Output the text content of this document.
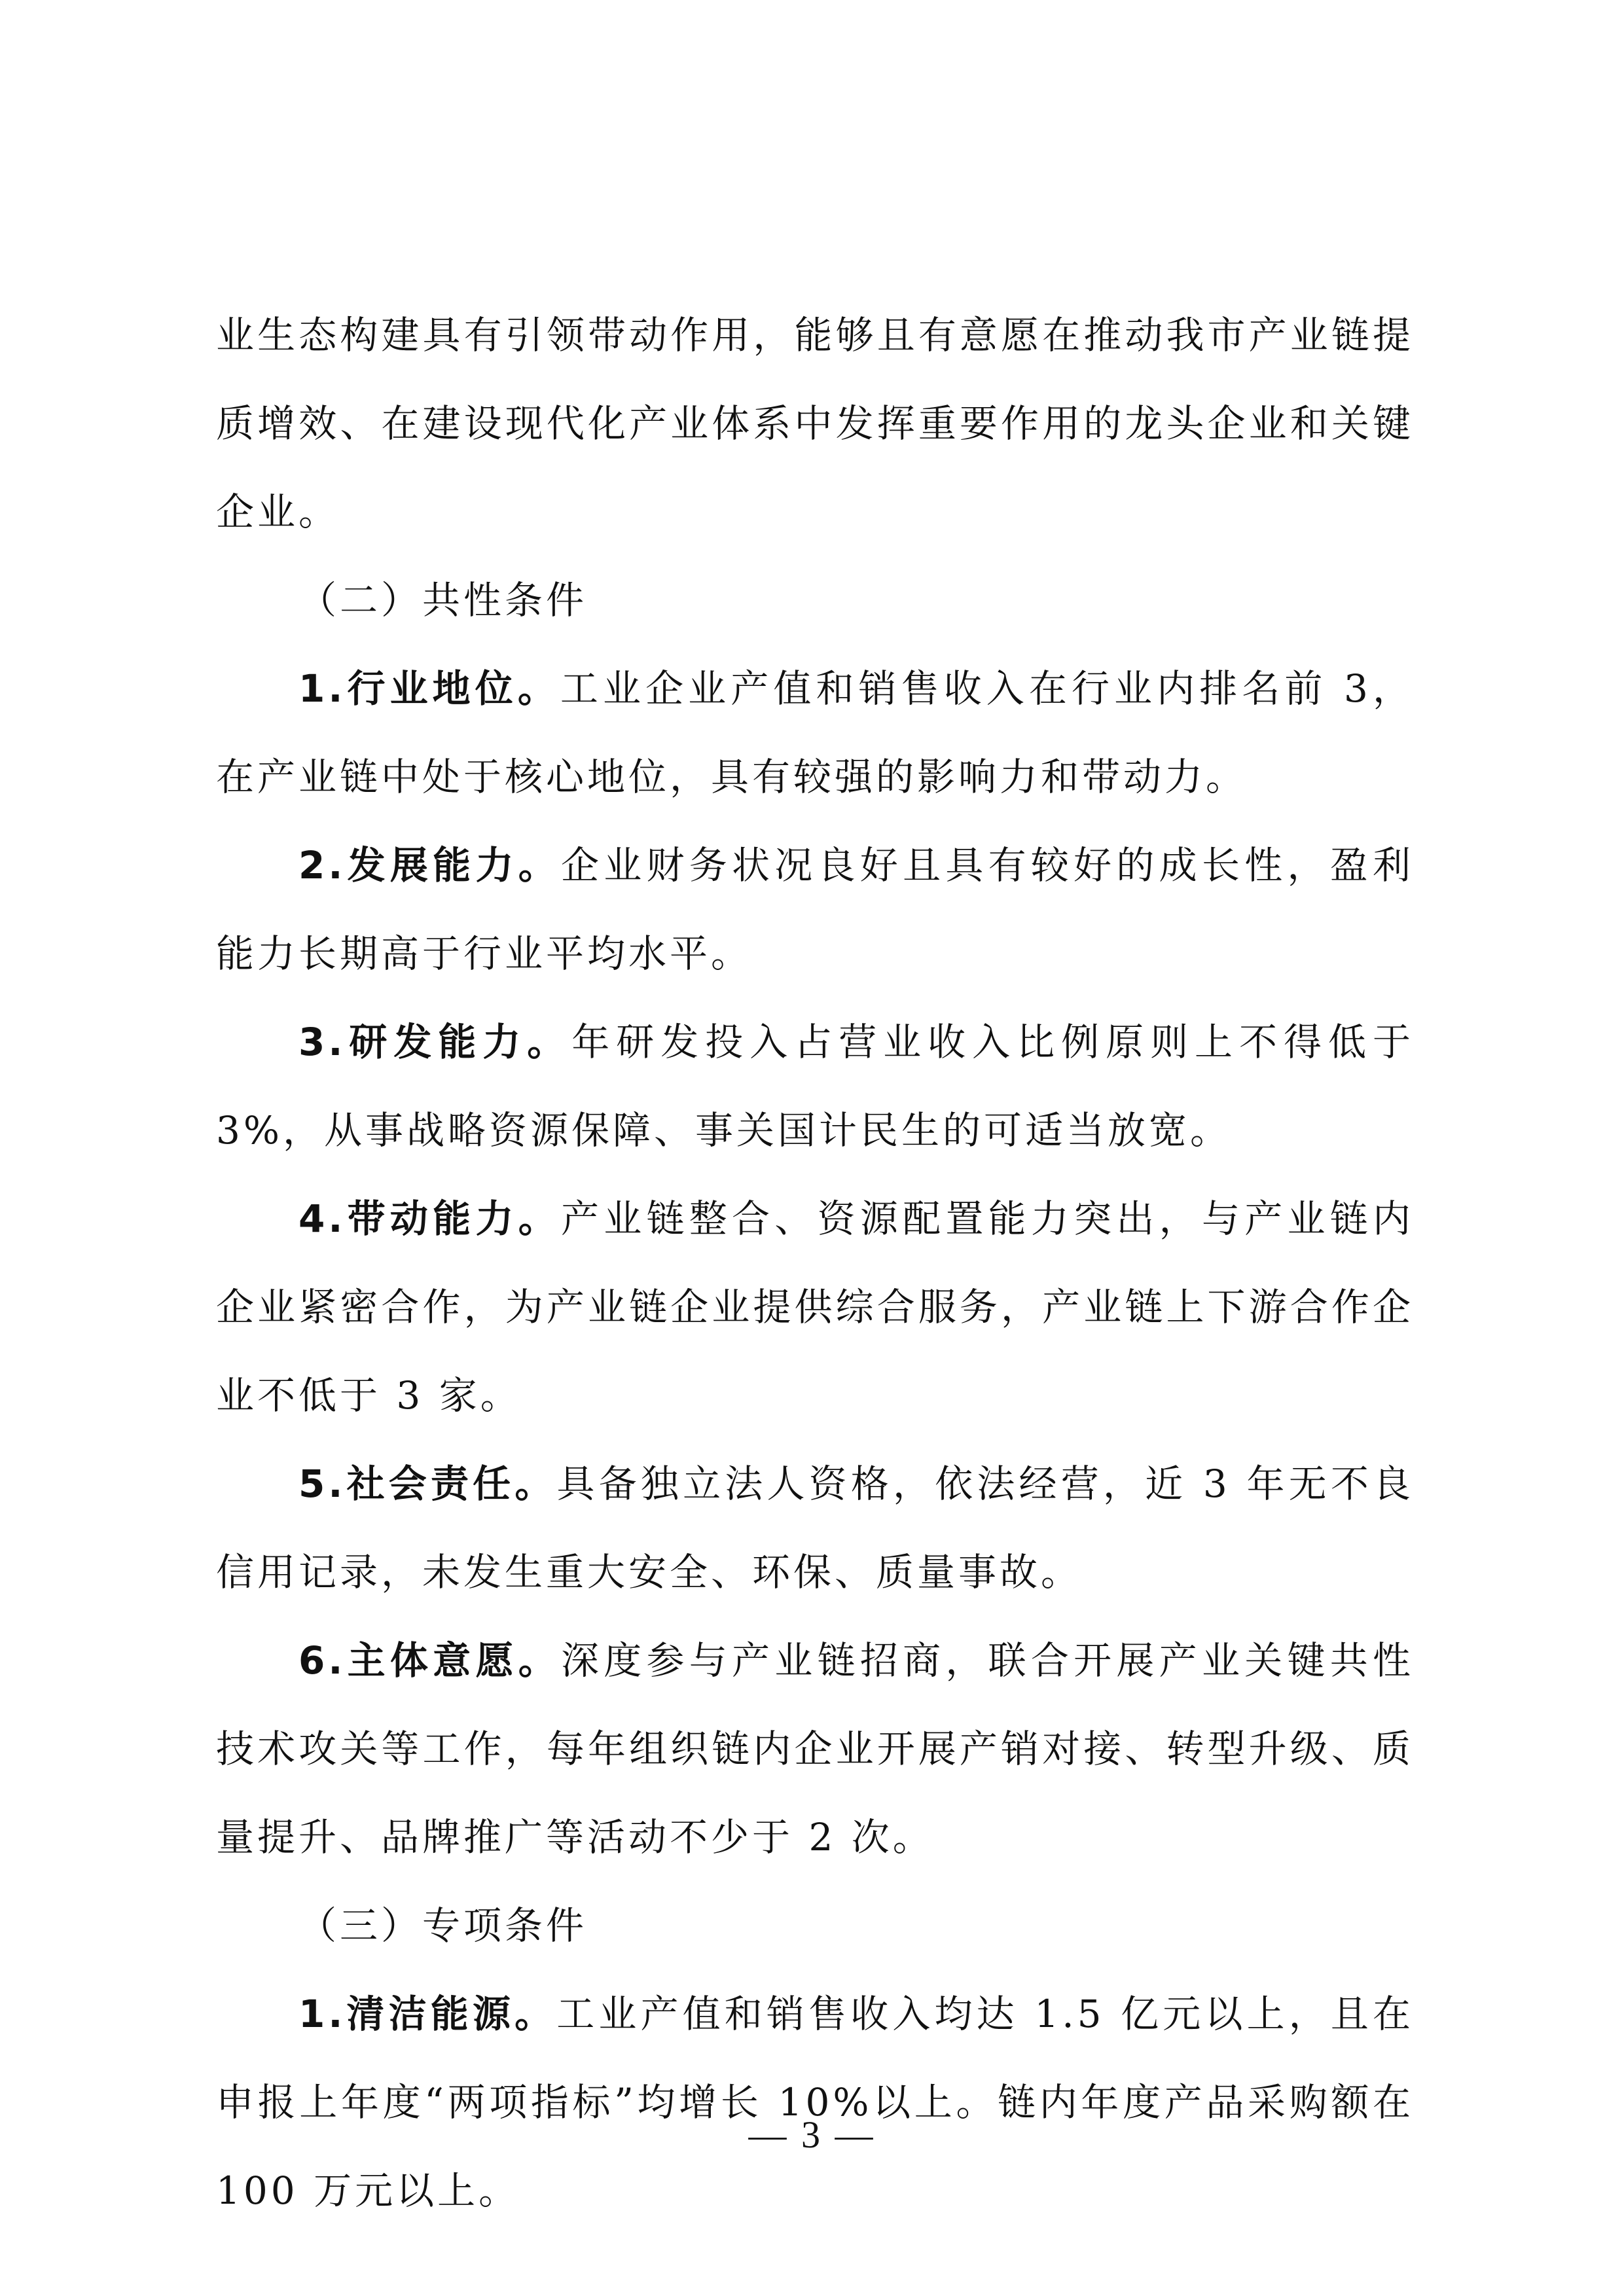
业生态构建具有引领带动作用，能够且有意愿在推动我市产业链提质增效、在建设现代化产业体系中发挥重要作用的龙头企业和关键企业。

（二）共性条件

1.行业地位。工业企业产值和销售收入在行业内排名前 3，在产业链中处于核心地位，具有较强的影响力和带动力。

2.发展能力。企业财务状况良好且具有较好的成长性，盈利能力长期高于行业平均水平。

3.研发能力。年研发投入占营业收入比例原则上不得低于 3%，从事战略资源保障、事关国计民生的可适当放宽。

4.带动能力。产业链整合、资源配置能力突出，与产业链内企业紧密合作，为产业链企业提供综合服务，产业链上下游合作企业不低于 3 家。

5.社会责任。具备独立法人资格，依法经营，近 3 年无不良信用记录，未发生重大安全、环保、质量事故。

6.主体意愿。深度参与产业链招商，联合开展产业关键共性技术攻关等工作，每年组织链内企业开展产销对接、转型升级、质量提升、品牌推广等活动不少于 2 次。

（三）专项条件

1.清洁能源。工业产值和销售收入均达 1.5 亿元以上，且在申报上年度“两项指标”均增长 10%以上。链内年度产品采购额在 100 万元以上。

— 3 —
